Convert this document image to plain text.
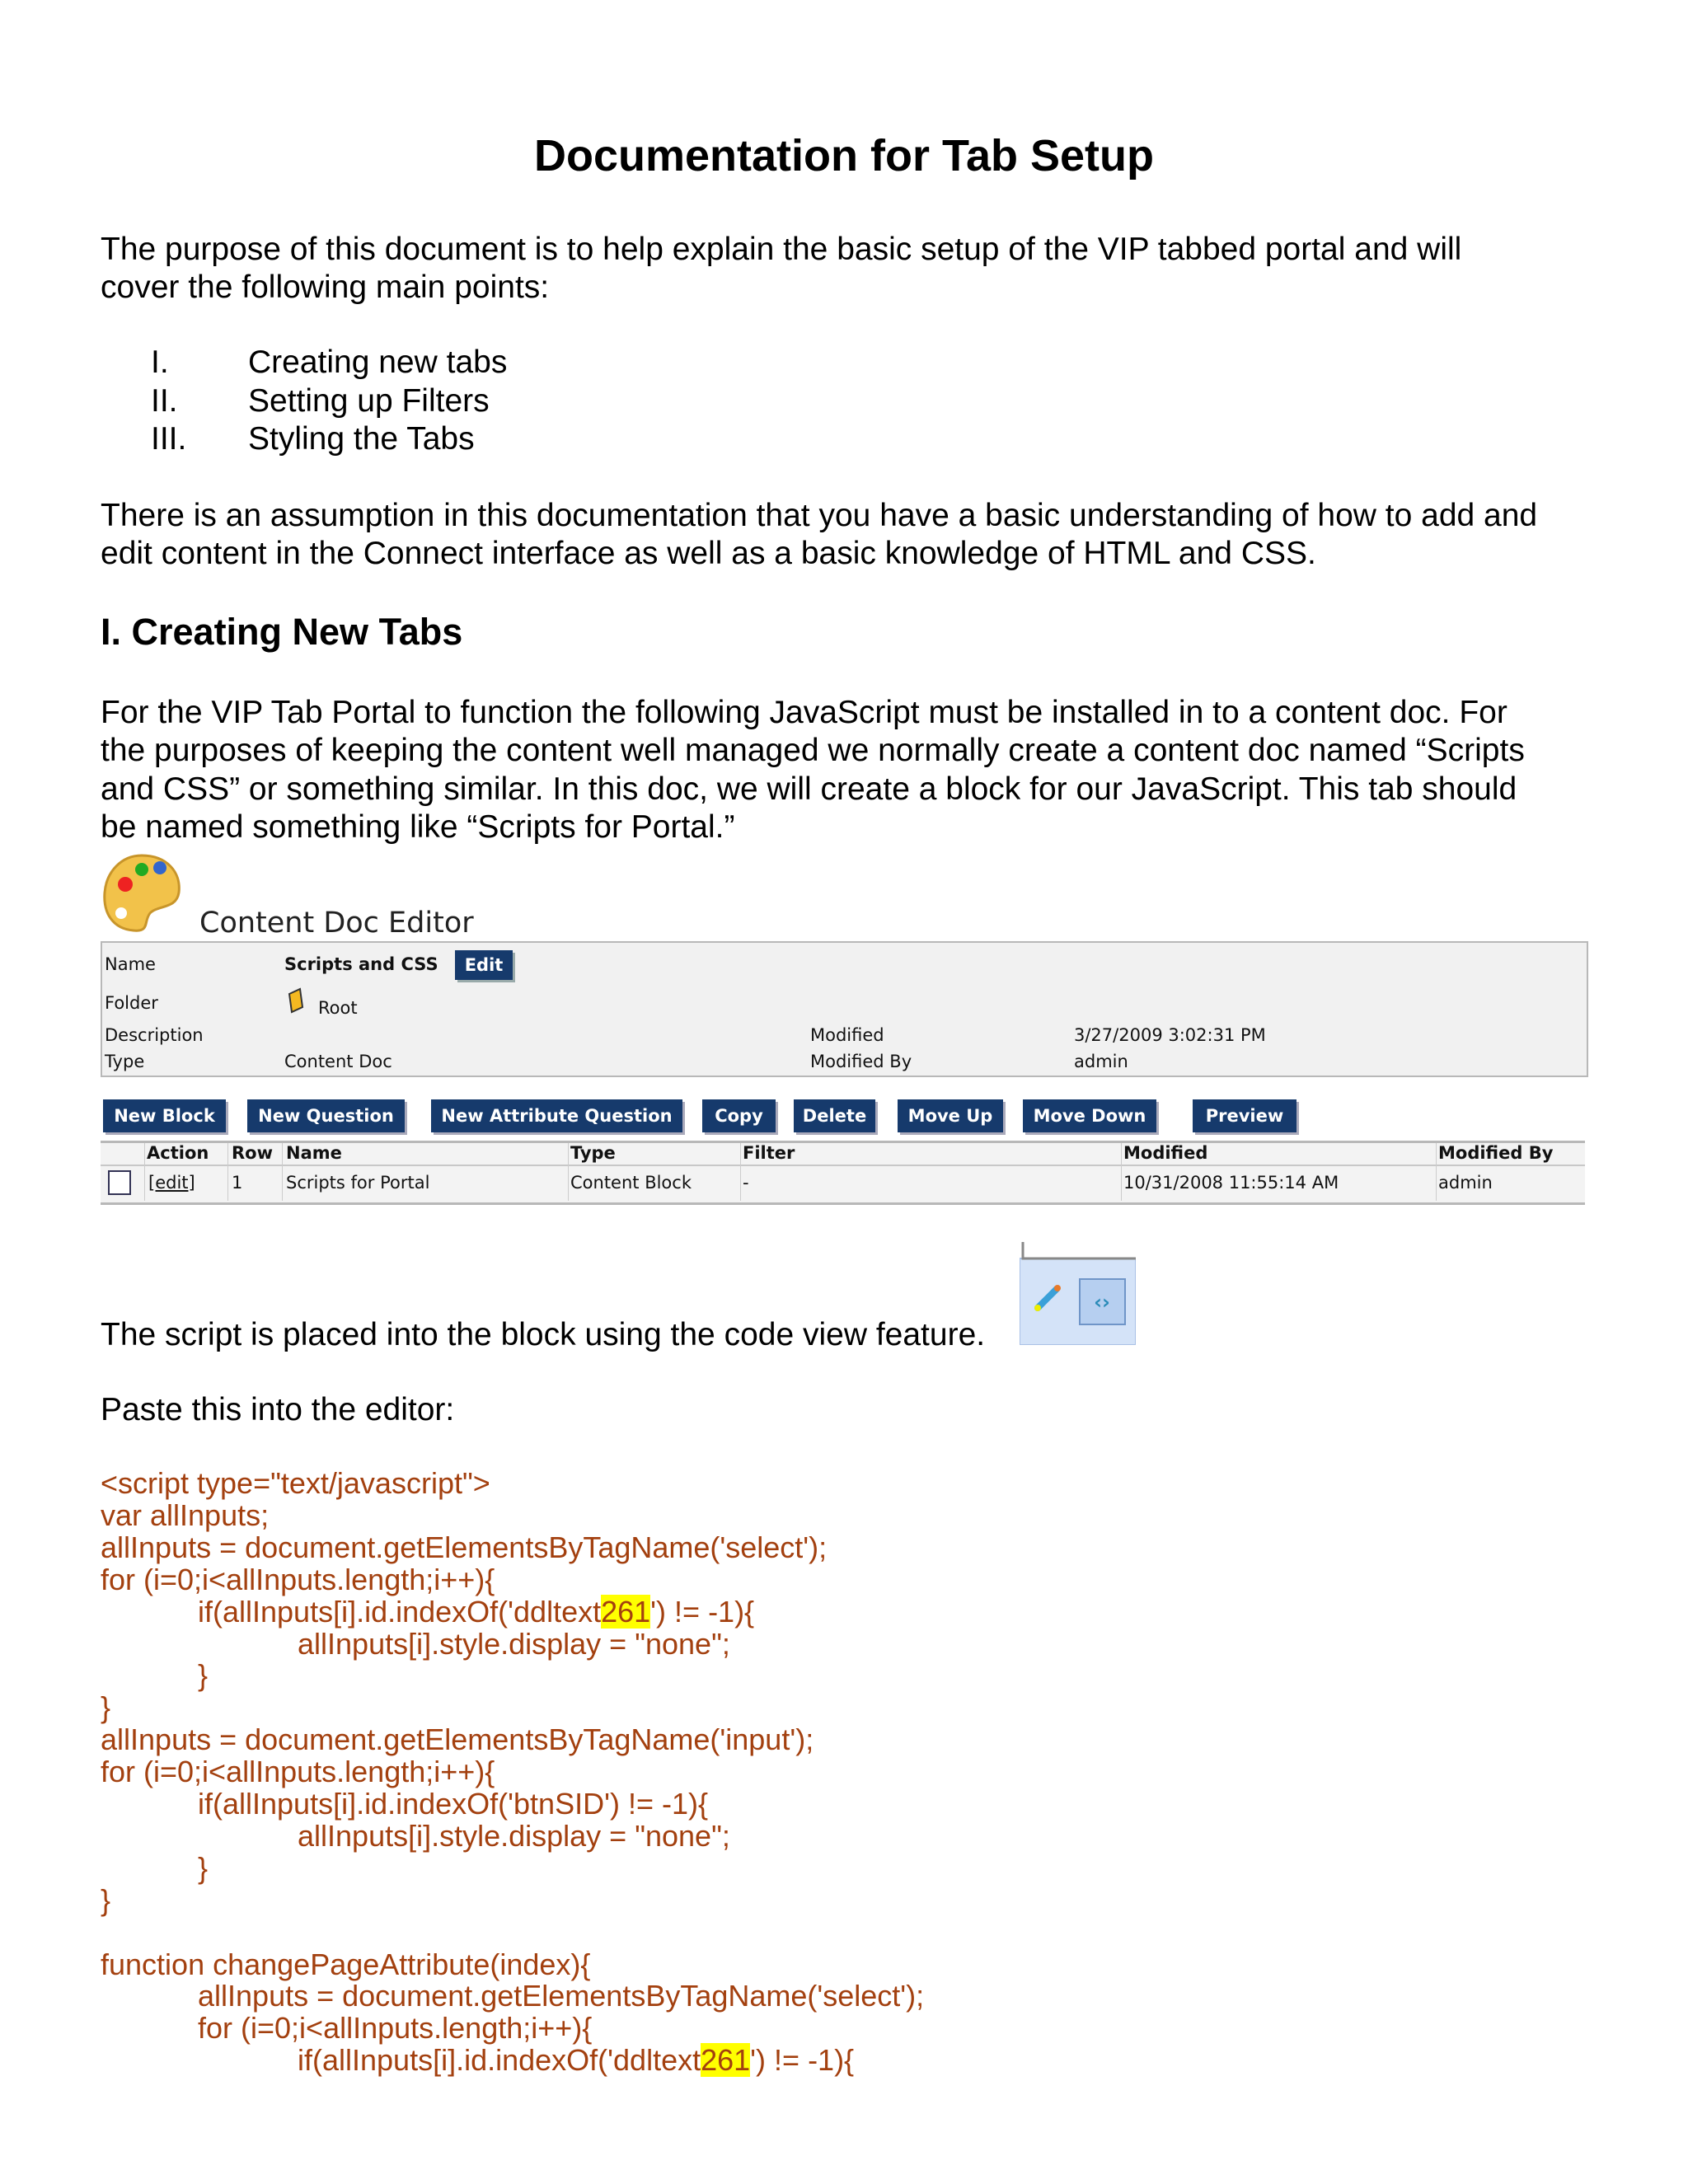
Documentation for Tab Setup
The purpose of this document is to help explain the basic setup of the VIP tabbed portal and will
cover the following main points:
I. Creating new tabs
II. Setting up Filters
III. Styling the Tabs
There is an assumption in this documentation that you have a basic understanding of how to add and
edit content in the Connect interface as well as a basic knowledge of HTML and CSS.
I. Creating New Tabs
For the VIP Tab Portal to function the following JavaScript must be installed in to a content doc. For
the purposes of keeping the content well managed we normally create a content doc named “Scripts
and CSS” or something similar. In this doc, we will create a block for our JavaScript. This tab should
be named something like “Scripts for Portal.”
Content Doc Editor
Name	Scripts and CSS	Edit
Folder	Root
Description	Modified	3/27/2009 3:02:31 PM
Type	Content Doc	Modified By	admin
New Block	New Question	New Attribute Question	Copy	Delete	Move Up	Move Down	Preview
Action Row Name	Type	Filter	Modified	Modified By
[edit] 1	Scripts for Portal	Content Block	-	10/31/2008 11:55:14 AM	admin
‹›
The script is placed into the block using the code view feature.
Paste this into the editor:
<script type="text/javascript">
var allInputs;
allInputs = document.getElementsByTagName('select');
for (i=0;i<allInputs.length;i++){
if(allInputs[i].id.indexOf('ddltext261') != -1){
allInputs[i].style.display = "none";
}
}
allInputs = document.getElementsByTagName('input');
for (i=0;i<allInputs.length;i++){
if(allInputs[i].id.indexOf('btnSID') != -1){
allInputs[i].style.display = "none";
}
}
function changePageAttribute(index){
allInputs = document.getElementsByTagName('select');
for (i=0;i<allInputs.length;i++){
if(allInputs[i].id.indexOf('ddltext261') != -1){
